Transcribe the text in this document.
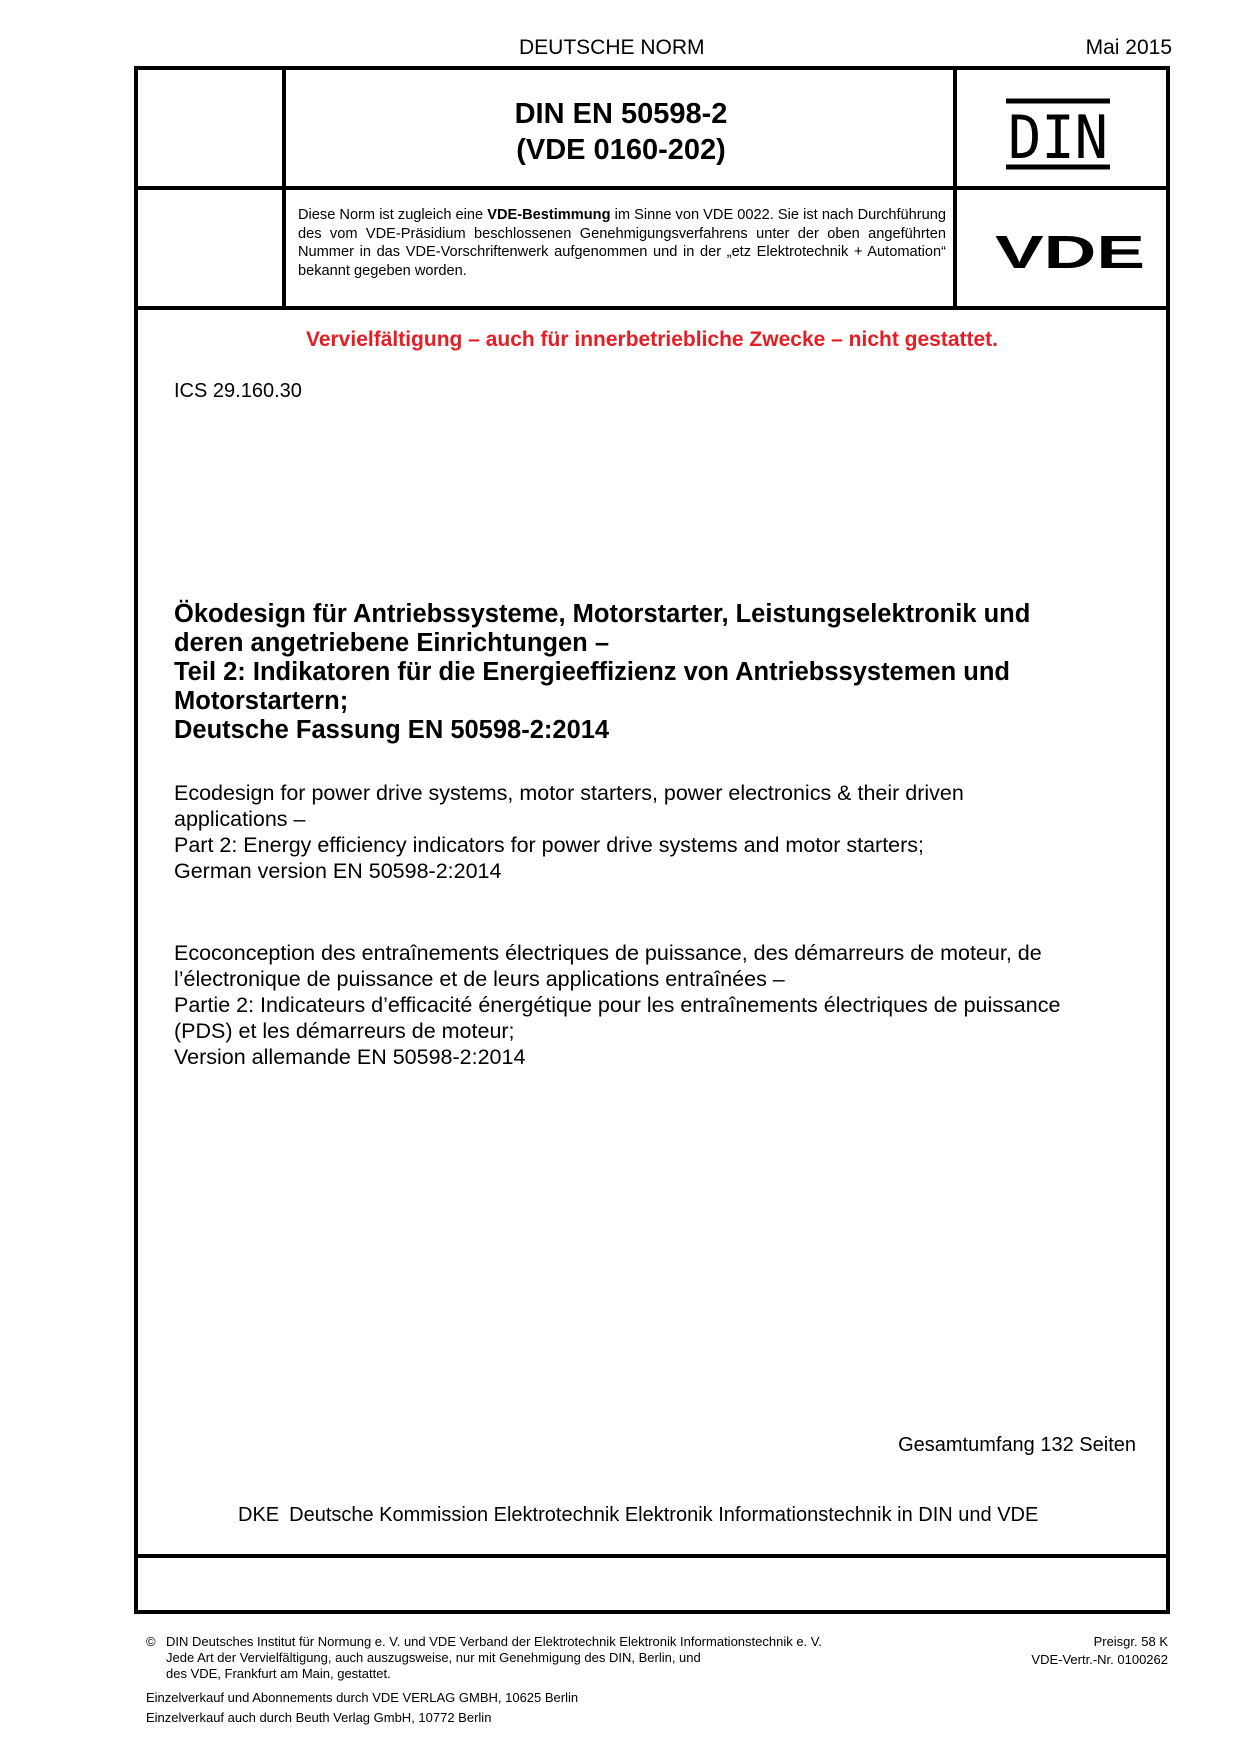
DEUTSCHE NORM	Mai 2015
DIN EN 50598-2
(VDE 0160-202)	DIN
VDE
Diese Norm ist zugleich eine VDE-Bestimmung im Sinne von VDE 0022. Sie ist nach Durchführung des vom VDE-Präsidium beschlossenen Genehmigungsverfahrens unter der oben angeführten Nummer in das VDE-Vorschriftenwerk aufgenommen und in der „etz Elektrotechnik + Automation“ bekannt gegeben worden.
Vervielfältigung – auch für innerbetriebliche Zwecke – nicht gestattet.
ICS 29.160.30
Ökodesign für Antriebssysteme, Motorstarter, Leistungselektronik und
deren angetriebene Einrichtungen –
Teil 2: Indikatoren für die Energieeffizienz von Antriebssystemen und
Motorstartern;
Deutsche Fassung EN 50598-2:2014
Ecodesign for power drive systems, motor starters, power electronics & their driven
applications –
Part 2: Energy efficiency indicators for power drive systems and motor starters;
German version EN 50598-2:2014
Ecoconception des entraînements électriques de puissance, des démarreurs de moteur, de
l’électronique de puissance et de leurs applications entraînées –
Partie 2: Indicateurs d’efficacité énergétique pour les entraînements électriques de puissance
(PDS) et les démarreurs de moteur;
Version allemande EN 50598-2:2014
Gesamtumfang 132 Seiten
DKE Deutsche Kommission Elektrotechnik Elektronik Informationstechnik in DIN und VDE
© DIN Deutsches Institut für Normung e. V. und VDE Verband der Elektrotechnik Elektronik Informationstechnik e. V.
Jede Art der Vervielfältigung, auch auszugsweise, nur mit Genehmigung des DIN, Berlin, und
des VDE, Frankfurt am Main, gestattet.
Preisgr. 58 K
VDE-Vertr.-Nr. 0100262
Einzelverkauf und Abonnements durch VDE VERLAG GMBH, 10625 Berlin
Einzelverkauf auch durch Beuth Verlag GmbH, 10772 Berlin
